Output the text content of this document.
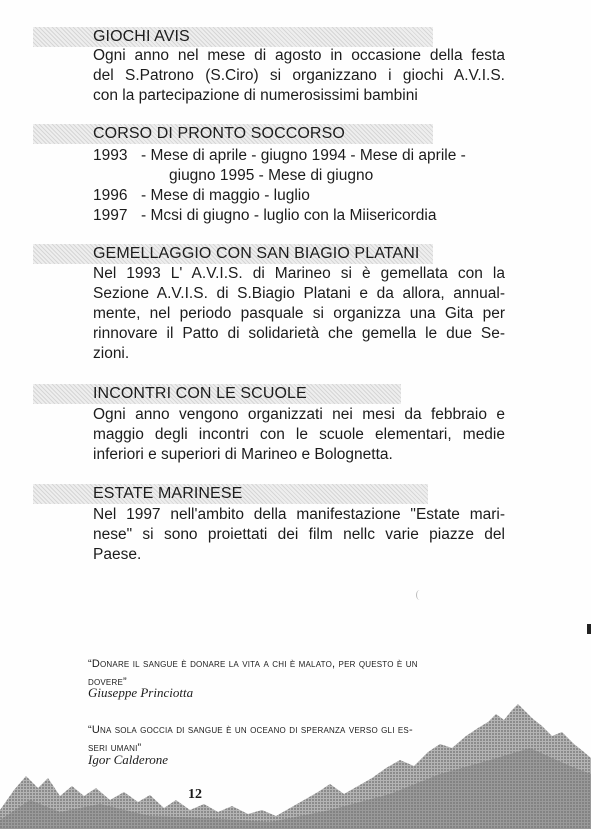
GIOCHI AVIS
Ogni anno nel mese di agosto in occasione della festa
del S.Patrono (S.Ciro) si organizzano i giochi A.V.I.S.
con la partecipazione di numerosissimi bambini
CORSO DI PRONTO SOCCORSO
1993 - Mese di aprile - giugno 1994 - Mese di aprile -
giugno 1995 - Mese di giugno
1996 - Mese di maggio - luglio
1997 - Mcsi di giugno - luglio con la Miisericordia
GEMELLAGGIO CON SAN BIAGIO PLATANI
Nel 1993 L' A.V.I.S. di Marineo si è gemellata con la
Sezione A.V.I.S. di S.Biagio Platani e da allora, annual-
mente, nel periodo pasquale si organizza una Gita per
rinnovare il Patto di solidarietà che gemella le due Se-
zioni.
INCONTRI CON LE SCUOLE
Ogni anno vengono organizzati nei mesi da febbraio e
maggio degli incontri con le scuole elementari, medie
inferiori e superiori di Marineo e Bolognetta.
ESTATE MARINESE
Nel 1997 nell'ambito della manifestazione "Estate mari-
nese" si sono proiettati dei film nellc varie piazze del
Paese.
“Donare il sangue è donare la vita a chi è malato, per questo è un
dovere”
Giuseppe Princiotta
“Una sola goccia di sangue è un oceano di speranza verso gli es-
seri umani”
Igor Calderone
12
